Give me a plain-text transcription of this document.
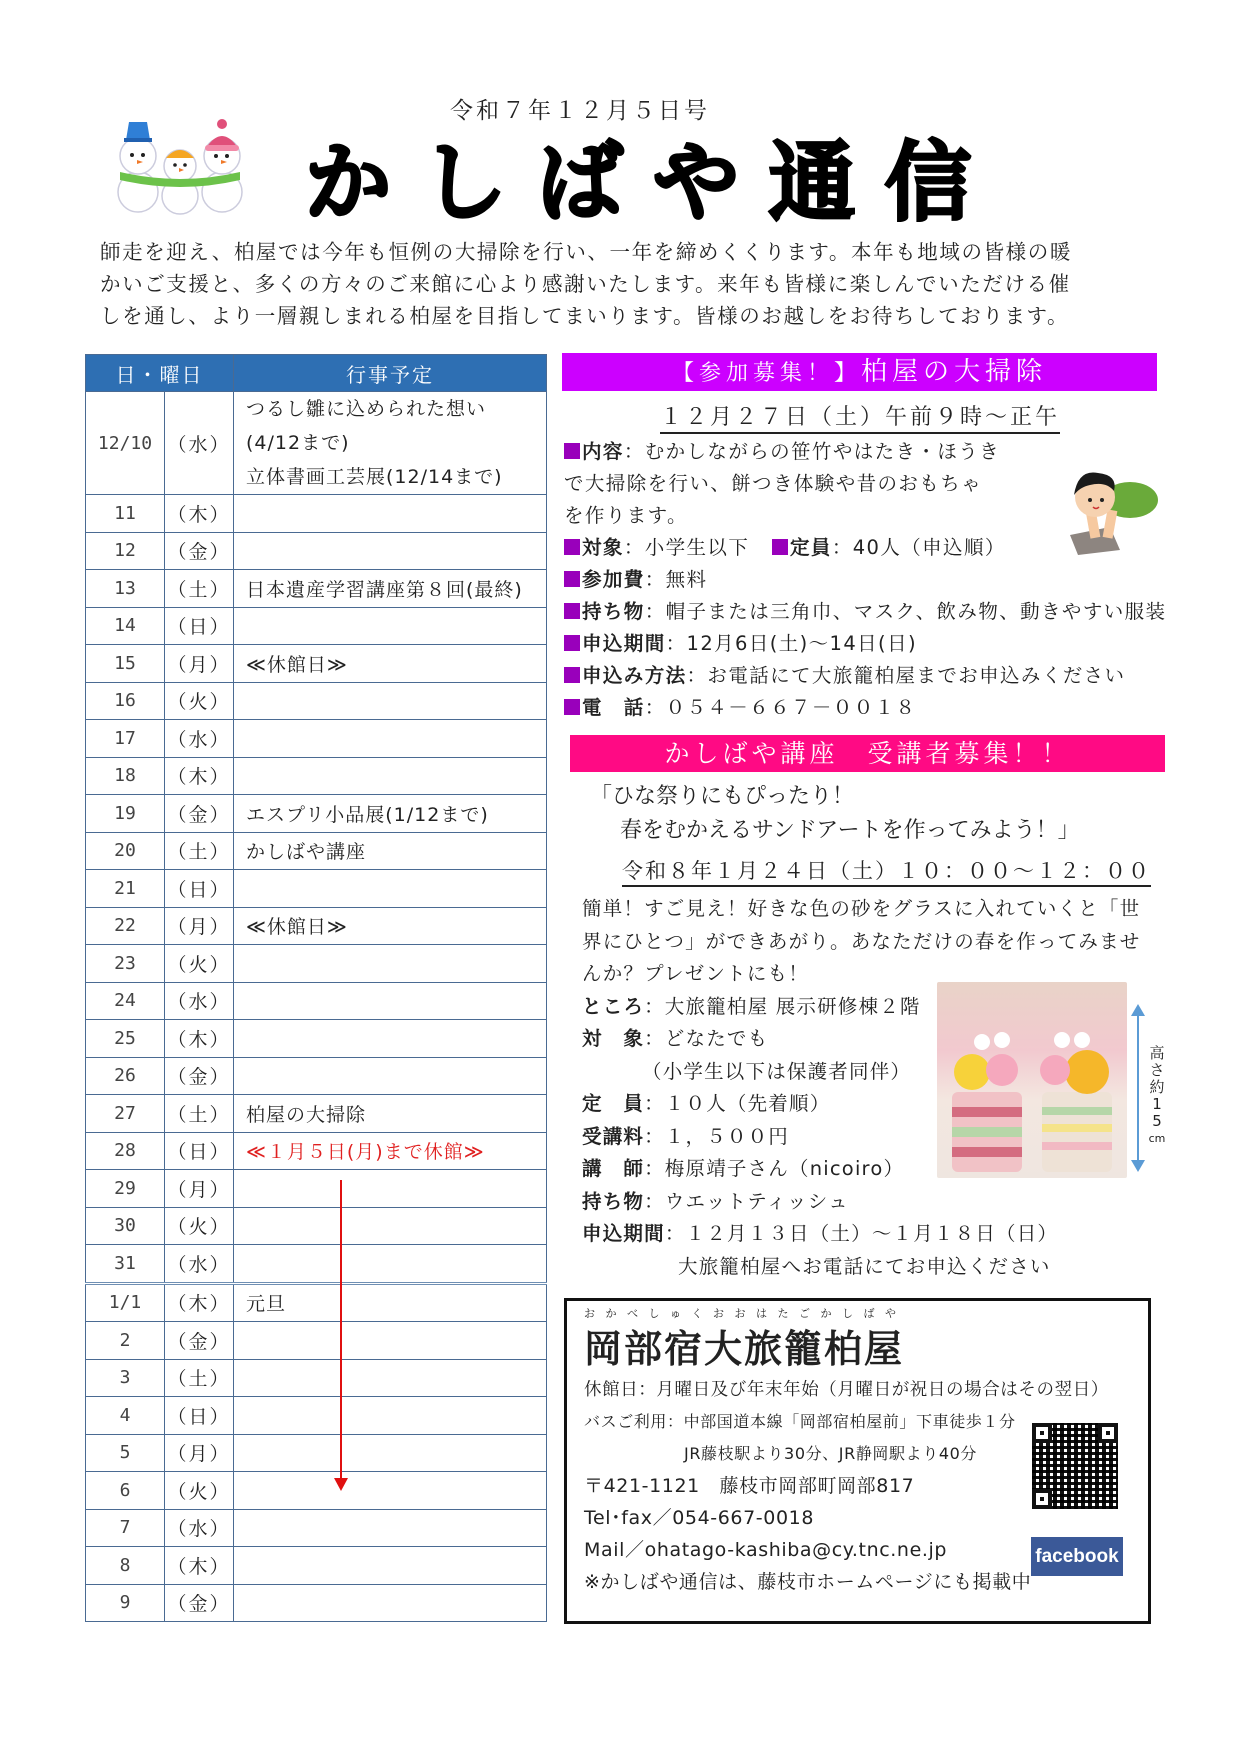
令和７年１２月５日号
かしばや通信
師走を迎え、柏屋では今年も恒例の大掃除を行い、一年を締めくくります。本年も地域の皆様の暖
かいご支援と、多くの方々のご来館に心より感謝いたします。来年も皆様に楽しんでいただける催
しを通し、より一層親しまれる柏屋を目指してまいります。皆様のお越しをお待ちしております。
日・曜日		行事予定
12/10	（水）	つるし雛に込められた想い
(4/12まで)
立体書画工芸展(12/14まで)

11	（木）	
12	（金）	
13	（土）	日本遺産学習講座第８回(最終)
14	（日）	
15	（月）	≪休館日≫
16	（火）	
17	（水）	
18	（木）	
19	（金）	エスプリ小品展(1/12まで)
20	（土）	かしばや講座
21	（日）	
22	（月）	≪休館日≫
23	（火）	
24	（水）	
25	（木）	
26	（金）	
27	（土）	柏屋の大掃除
28	（日）	≪１月５日(月)まで休館≫
29	（月）	
30	（火）	
31	（水）	
1/1	（木）	元旦
2	（金）	
3	（土）	
4	（日）	
5	（月）	
6	（火）	
7	（水）	
8	（木）	
9	（金）	
【参加募集！】柏屋の大掃除
１２月２７日（土）午前９時～正午
内容：むかしながらの笹竹やはたき・ほうき
で大掃除を行い、餅つき体験や昔のおもちゃ
を作ります。
対象：小学生以下 定員：40人（申込順）
参加費：無料
持ち物：帽子または三角巾、マスク、飲み物、動きやすい服装
申込期間：12月6日(土)～14日(日)
申込み方法：お電話にて大旅籠柏屋までお申込みください
電　話：０５４－６６７－００１８
かしばや講座　受講者募集！！
「ひな祭りにもぴったり！
春をむかえるサンドアートを作ってみよう！」
令和８年１月２４日（土）１０：００～１２：００
簡単！すご見え！好きな色の砂をグラスに入れていくと「世
界にひとつ」ができあがり。あなただけの春を作ってみませ
んか？プレゼントにも！
ところ：大旅籠柏屋 展示研修棟２階
対　象：どなたでも
（小学生以下は保護者同伴）
定　員：１０人（先着順）
受講料：１，５００円
講　師：梅原靖子さん（nicoiro）
持ち物：ウエットティッシュ
申込期間：１２月１３日（土）～１月１８日（日）
大旅籠柏屋へお電話にてお申込ください
高さ約15
cm
おかべしゅくおおはたごかしばや
岡部宿大旅籠柏屋
休館日：月曜日及び年末年始（月曜日が祝日の場合はその翌日）
バスご利用：中部国道本線「岡部宿柏屋前」下車徒歩１分
JR藤枝駅より30分、JR静岡駅より40分
〒421-1121　藤枝市岡部町岡部817
Tel･fax／054-667-0018
Mail／ohatago-kashiba@cy.tnc.ne.jp
※かしばや通信は、藤枝市ホームページにも掲載中
facebook
